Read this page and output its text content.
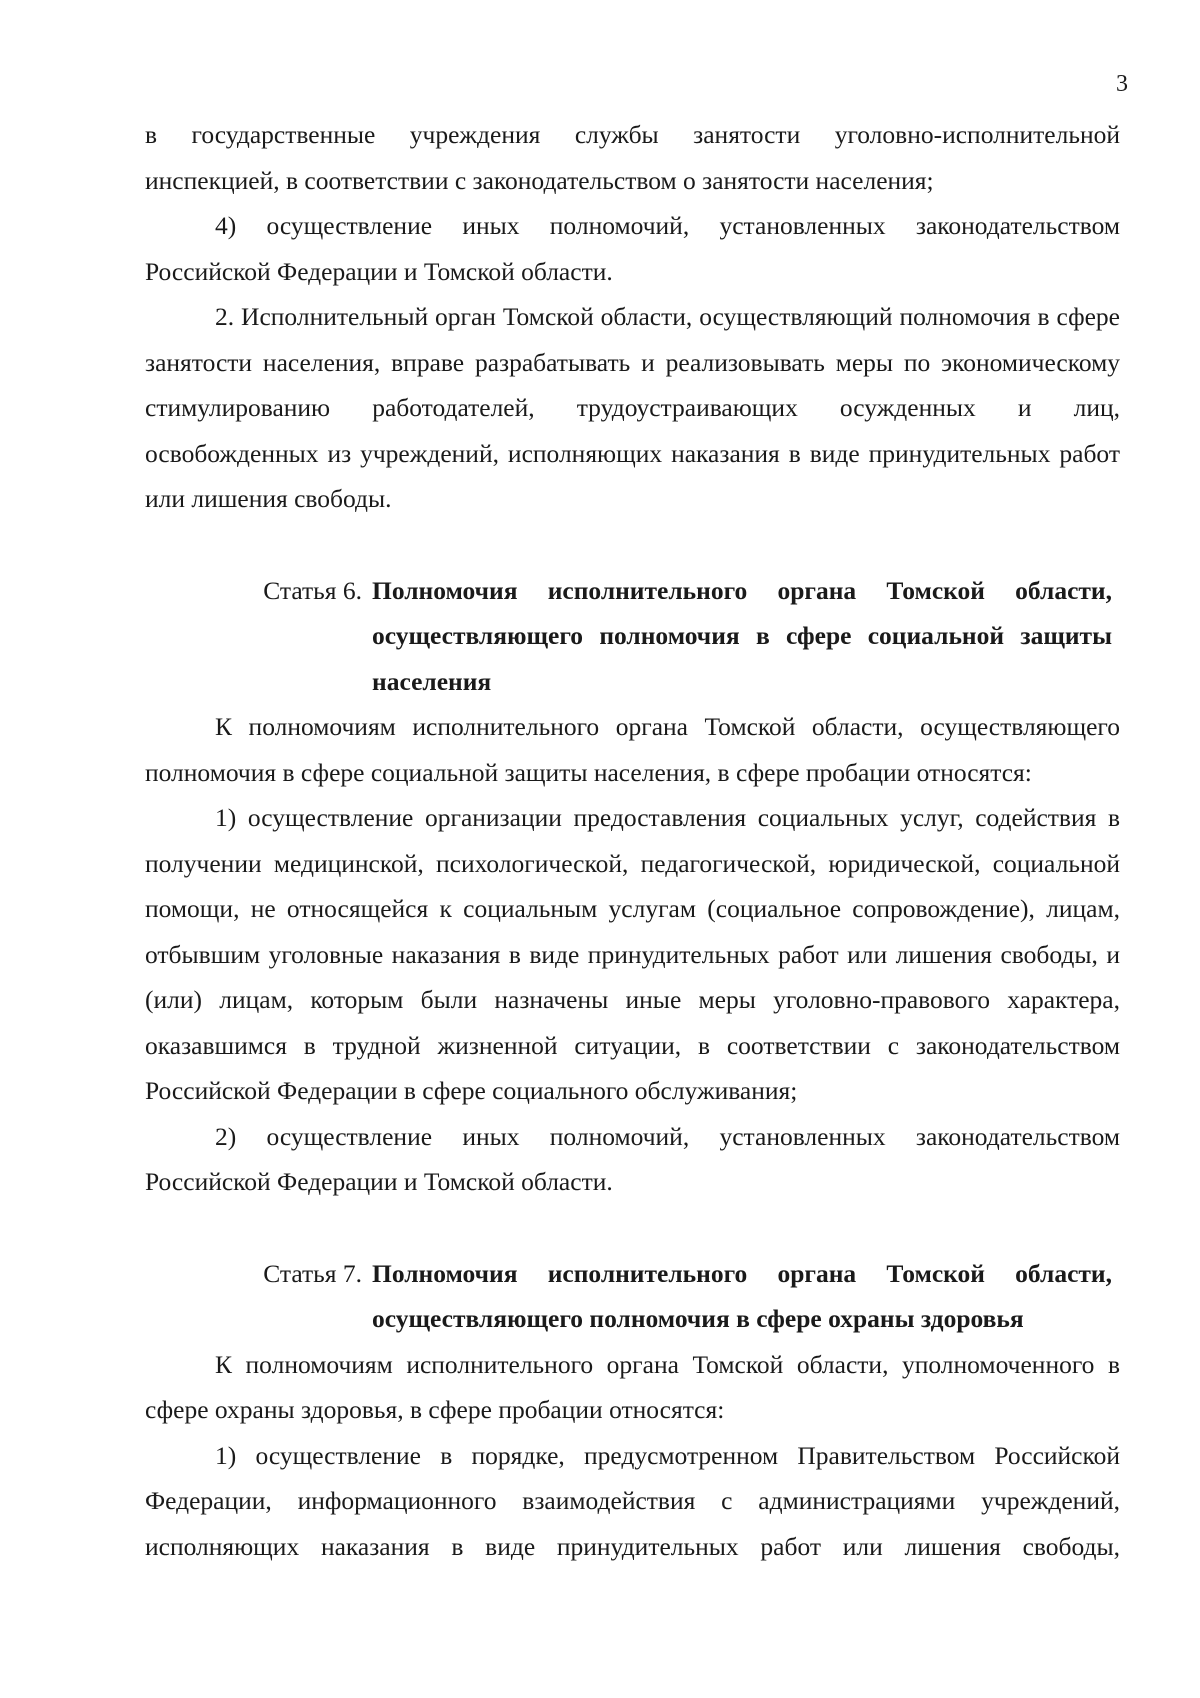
3

в государственные учреждения службы занятости уголовно-исполнительной инспекцией, в соответствии с законодательством о занятости населения;

4) осуществление иных полномочий, установленных законодательством Российской Федерации и Томской области.

2. Исполнительный орган Томской области, осуществляющий полномочия в сфере занятости населения, вправе разрабатывать и реализовывать меры по экономическому стимулированию работодателей, трудоустраивающих осужденных и лиц, освобожденных из учреждений, исполняющих наказания в виде принудительных работ или лишения свободы.

Статья 6. Полномочия исполнительного органа Томской области, осуществляющего полномочия в сфере социальной защиты населения

К полномочиям исполнительного органа Томской области, осуществляющего полномочия в сфере социальной защиты населения, в сфере пробации относятся:

1) осуществление организации предоставления социальных услуг, содействия в получении медицинской, психологической, педагогической, юридической, социальной помощи, не относящейся к социальным услугам (социальное сопровождение), лицам, отбывшим уголовные наказания в виде принудительных работ или лишения свободы, и (или) лицам, которым были назначены иные меры уголовно-правового характера, оказавшимся в трудной жизненной ситуации, в соответствии с законодательством Российской Федерации в сфере социального обслуживания;

2) осуществление иных полномочий, установленных законодательством Российской Федерации и Томской области.

Статья 7. Полномочия исполнительного органа Томской области, осуществляющего полномочия в сфере охраны здоровья

К полномочиям исполнительного органа Томской области, уполномоченного в сфере охраны здоровья, в сфере пробации относятся:

1) осуществление в порядке, предусмотренном Правительством Российской Федерации, информационного взаимодействия с администрациями учреждений, исполняющих наказания в виде принудительных работ или лишения свободы,
